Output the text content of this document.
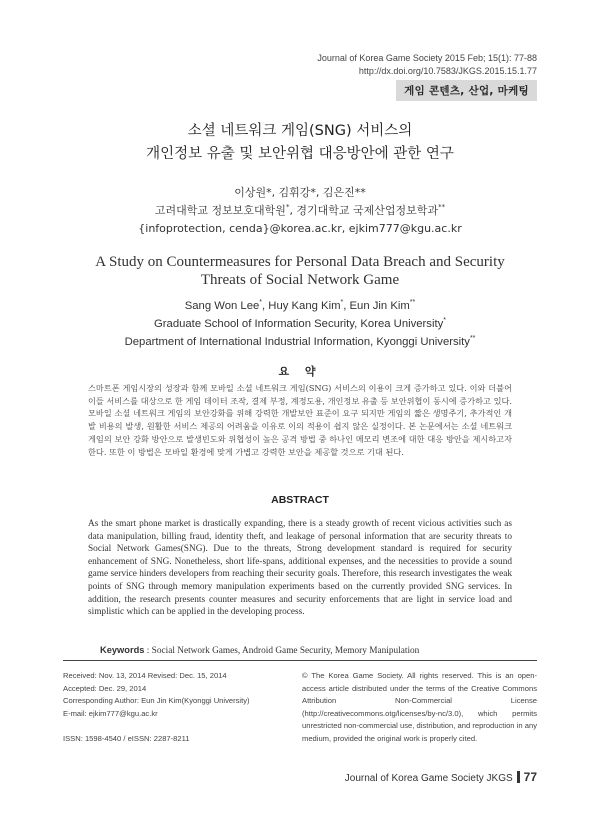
Journal of Korea Game Society 2015 Feb; 15(1): 77-88
http://dx.doi.org/10.7583/JKGS.2015.15.1.77
게임 콘텐츠, 산업, 마케팅
소셜 네트워크 게임(SNG) 서비스의
개인정보 유출 및 보안위협 대응방안에 관한 연구
이상원*, 김휘강*, 김은진**
고려대학교 정보보호대학원*, 경기대학교 국제산업정보학과**
{infoprotection, cenda}@korea.ac.kr, ejkim777@kgu.ac.kr
A Study on Countermeasures for Personal Data Breach and Security
Threats of Social Network Game
Sang Won Lee*, Huy Kang Kim*, Eun Jin Kim**
Graduate School of Information Security, Korea University*
Department of International Industrial Information, Kyonggi University**
요 약
스마트폰 게임시장의 성장과 함께 모바일 소셜 네트워크 게임(SNG) 서비스의 이용이 크게 증가하고 있다. 이와 더불어 이들 서비스를 대상으로 한 게임 데이터 조작, 결제 부정, 계정도용, 개인정보 유출 등 보안위협이 동시에 증가하고 있다. 모바일 소셜 네트워크 게임의 보안강화를 위해 강력한 개발보안 표준이 요구 되지만 게임의 짧은 생명주기, 추가적인 개발 비용의 발생, 원활한 서비스 제공의 어려움을 이유로 이의 적용이 쉽지 않은 실정이다. 본 논문에서는 소셜 네트워크 게임의 보안 강화 방안으로 발생빈도와 위협성이 높은 공격 방법 중 하나인 메모리 변조에 대한 대응 방안을 제시하고자 한다. 또한 이 방법은 모바일 환경에 맞게 가볍고 강력한 보안을 제공할 것으로 기대 된다.
ABSTRACT
As the smart phone market is drastically expanding, there is a steady growth of recent vicious activities such as data manipulation, billing fraud, identity theft, and leakage of personal information that are security threats to Social Network Games(SNG). Due to the threats, Strong development standard is required for security enhancement of SNG. Nonetheless, short life-spans, additional expenses, and the necessities to provide a sound game service hinders developers from reaching their security goals. Therefore, this research investigates the weak points of SNG through memory manipulation experiments based on the currently provided SNG services. In addition, the research presents counter measures and security enforcements that are light in service load and simplistic which can be applied in the developing process.
Keywords : Social Network Games, Android Game Security, Memory Manipulation
Received: Nov. 13, 2014 Revised: Dec. 15, 2014
Accepted: Dec. 29, 2014
Corresponding Author: Eun Jin Kim(Kyonggi University)
E-mail: ejkim777@kgu.ac.kr

ISSN: 1598-4540 / eISSN: 2287-8211
© The Korea Game Society. All rights reserved. This is an open-access article distributed under the terms of the Creative Commons Attribution Non-Commercial License (http://creativecommons.otg/licenses/by-nc/3.0), which permits unrestricted non-commercial use, distribution, and reproduction in any medium, provided the original work is properly cited.
Journal of Korea Game Society JKGS 77
